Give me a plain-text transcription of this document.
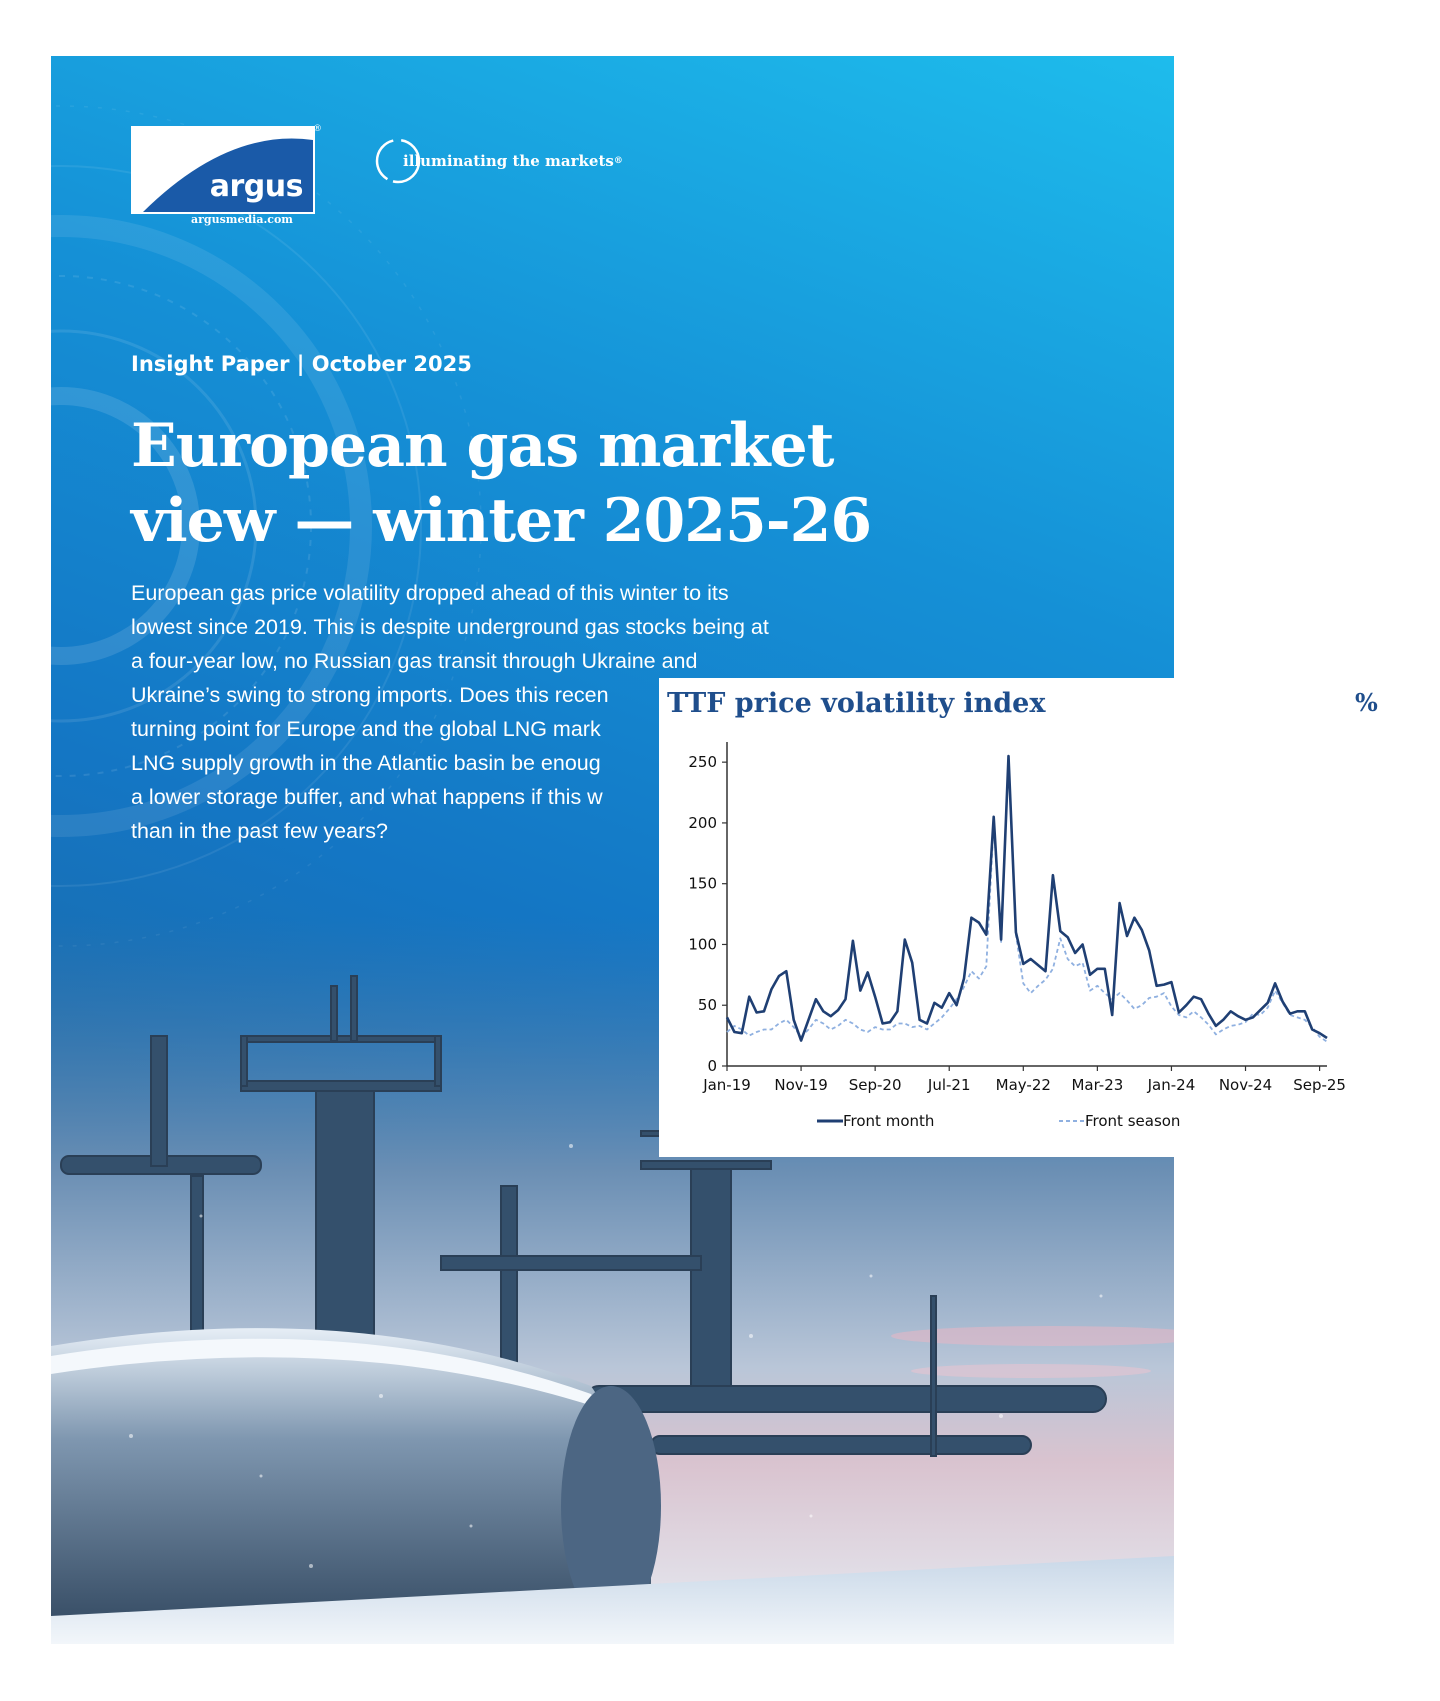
argus
®
argusmedia.com
illuminating the markets ®
Insight Paper | October 2025
European gas market
view — winter 2025-26

European gas price volatility dropped ahead of this winter to its
lowest since 2019. This is despite underground gas stocks being at
a four-year low, no Russian gas transit through Ukraine and
Ukraine’s swing to strong imports. Does this recen
turning point for Europe and the global LNG mark
LNG supply growth in the Atlantic basin be enoug
a lower storage buffer, and what happens if this w
than in the past few years?

TTF price volatility index	%
0
50
100
150
200
250
Jan-19 Nov-19 Sep-20 Jul-21 May-22 Mar-23 Jan-24 Nov-24 Sep-25
Front month	Front season
